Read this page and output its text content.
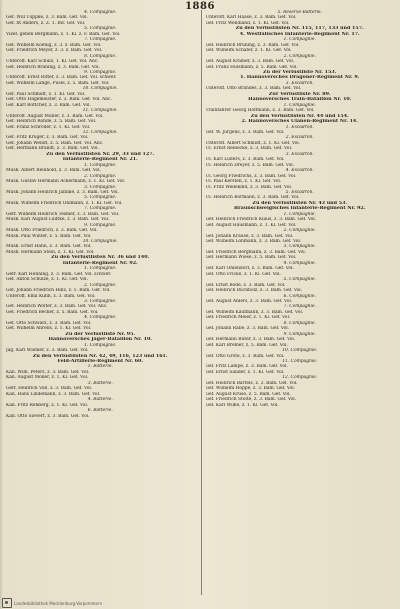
1886
4. Compagnie.
Gef. Will Tuppke, z. 3. Bam. Gef. Vol.
Gef. ht Anders, z. Z. 1. Inv. Gef. Vol.
5. Compagnie.
Vizef. geben Bergmann, z. 1. Kl. z. F. Bam. Gef. Vol.
7. Compagnie.
Gef. Wilhelm Koenig, z. 3. z. Bam. Gef. Vol.
Gef. Friedrich Meyer, z. 3. z. Bam. Gef. Vol.
8. Compagnie.
Unteroff. Karl Schulz, 1. Kl. Gef. Vol. Anc.
Gef. Heinrich Bräning, z. 3. Bam. Gef. Vol.
9. Compagnie.
Unteroff. Ernst Ritter, z. 3. Bam. Gef. Vol. schwer.
Gef. Wilhelm Lange, Pusel, z. 5. Bam. Gef. Vol.
10. Compagnie.
Gef. Paul Schmidt, z. 1. Kl. Gef. Vol.
Gef. Otto Hagemeister, z. 3. Bam. Gef. Vol. Anc.
Gef. Karl Böttcher, z. 3. Bam. Gef. Vol.
11. Compagnie.
Unteroff. August Müller, z. 3. Bam. Gef. Vol.
Gef. Heinrich Rohde, z. 5. Bam. Gef. Vol.
Gef. Franz Schröder, z. 1. Kl. Gef. Vol.
12. Compagnie.
Gef. Fritz Krüger, z. 3. Bam. Gef. Vol.
Gef. Johann Wendt, z. 5. Bam. Gef. Vol. Anc.
Gef. Hermann Brandt, z. 3. Bam. Gef. Vol.
Zu den Verlustlisten Nr. 29, 33 und 127.
Infanterie-Regiment Nr. 21.
1. Compagnie.
Musk. Albert Reinhold, z. 3. Bam. Gef. Vol.
2. Compagnie.
Musk. Gustav Hermann Ackermann, z. 1. Kl. Gef. Vol.
3. Compagnie.
Musk. Johann Heinrich Jahnke, z. 3. Bam. Gef. Vol.
5. Compagnie.
Musk. Wilhelm Friedrich Ohlmann, z. 1. Kl. Gef. Vol.
7. Compagnie.
Gefr. Wilhelm Heinrich Tesmer, z. 3. Bam. Gef. Vol.
Musk. Karl August Lüdtke, z. 3. Bam. Gef. Vol.
9. Compagnie.
Musk. Otto Friedrich, z. 3. Bam. Gef. Vol.
Musk. Paul Winter, z. 5. Bam. Gef. Vol.
10. Compagnie.
Musk. Ernst Hahn, z. 3. Bam. Gef. Vol.
Musk. Hermann Stein, z. 1. Kl. Gef. Vol.
Zu den Verlustlisten Nr. 36 und 140.
Infanterie-Regiment Nr. 92.
1. Compagnie.
Gefr. Karl Henning, z. 3. Bam. Gef. Vol. schwer.
Gef. Anton Schulze, z. 1. Kl. Gef. Vol.
2. Compagnie.
Gef. Johann Friedrich Hinz, z. 1. Bam. Gef. Vol.
Unteroff. Emil Kühn, z. 3. Bam. Gef. Vol.
3. Compagnie.
Gef. Heinrich Wolter, z. 3. Bam. Gef. Vol. Anc.
Gef. Friedrich Becker, z. 5. Bam. Gef. Vol.
4. Compagnie.
Gef. Otto Schwarz, z. 3. Bam. Gef. Vol.
Gef. Wilhelm Ahrens, z. 1. Kl. Gef. Vol.
Zu der Verlustliste Nr. 95.
Hannoversches Jäger-Bataillon Nr. 10.
1. Compagnie.
Jäg. Karl Wiemer, z. 3. Bam. Gef. Vol.
Zu den Verlustlisten Nr. 42, 49, 116, 123 und 161.
Feld-Artillerie-Regiment Nr. 60.
1. Batterie.
Kan. Wilh. Peters, z. 3. Bam. Gef. Vol.
Kan. August Möller, z. 1. Kl. Gef. Vol.
3. Batterie.
Gefr. Heinrich Voß, z. 3. Bam. Gef. Vol.
Kan. Hans Lindemann, z. 3. Bam. Gef. Vol.
4. Batterie.
Kan. Fritz Rehberg, z. 1. Kl. Gef. Vol.
6. Batterie.
Kan. Otto Sievert, z. 3. Bam. Gef. Vol.
5. Reserve-Batterie.
Unteroff. Karl Haase, z. 3. Bam. Gef. Vol.
Gef. Fritz Wendland, z. 1. Kl. Gef. Vol.
Zu den Verlustlisten Nr. 115, 117, 133 und 157.
4. Westfälisches Infanterie-Regiment Nr. 17.
1. Compagnie.
Gef. Heinrich Brüning, z. 3. Bam. Gef. Vol.
Gef. Wilhelm Schäfer, z. 1. Kl. Gef. Vol.
2. Compagnie.
Gef. August Krämer, z. 3. Bam. Gef. Vol.
Gef. Franz Hülsmann, z. 5. Bam. Gef. Vol.
Zu der Verlustliste Nr. 153.
1. Hannoversches Dragoner-Regiment Nr. 9.
3. Escadron.
Unteroff. Otto Brandes, z. 3. Bam. Gef. Vol.
Zur Verlustliste Nr. 89.
Hannoversches Train-Bataillon Nr. 10.
1. Compagnie.
Trainfahrer Georg Hoffmann, z. 3. Bam. Gef. Vol.
Zu den Verlustlisten Nr. 44 und 154.
2. Hannoversches Ulanen-Regiment Nr. 14.
1. Escadron.
Gef. W. Jürgens, z. 3. Bam. Gef. Vol.
2. Escadron.
Unteroff. Albert Schmidt, z. 1. Kl. Gef. Vol.
Ul. Ernst Reinecke, z. 3. Bam. Gef. Vol.
3. Escadron.
Ul. Karl Lüders, z. 3. Bam. Gef. Vol.
Ul. Heinrich Dreyer, z. 5. Bam. Gef. Vol.
4. Escadron.
Ul. Georg Friedrichs, z. 3. Bam. Gef. Vol.
Ul. Paul Kersten, z. 1. Kl. Gef. Vol.
Ul. Fritz Wedekind, z. 3. Bam. Gef. Vol.
5. Escadron.
Ul. Heinrich Bormann, z. 3. Bam. Gef. Vol.
Zu den Verlustlisten Nr. 43 und 53.
Braunschweigisches Infanterie-Regiment Nr. 92.
1. Compagnie.
Gef. Heinrich Friedrich Klaus, z. 3. Bam. Gef. Vol.
Gef. August Hausmann, z. 1. Kl. Gef. Vol.
2. Compagnie.
Gef. Johann Krause, z. 3. Bam. Gef. Vol.
Gef. Wilhelm Lohmann, z. 3. Bam. Gef. Vol.
3. Compagnie.
Gef. Friedrich Bergmann, z. 3. Bam. Gef. Vol.
Gef. Hermann Wiese, z. 5. Bam. Gef. Vol.
4. Compagnie.
Gef. Karl Ohlendorf, z. 3. Bam. Gef. Vol.
Gef. Otto Fricke, z. 1. Kl. Gef. Vol.
5. Compagnie.
Gef. Ernst Bode, z. 3. Bam. Gef. Vol.
Gef. Heinrich Buchholz, z. 3. Bam. Gef. Vol.
6. Compagnie.
Gef. August Ahlers, z. 3. Bam. Gef. Vol.
7. Compagnie.
Gef. Wilhelm Kaufmann, z. 3. Bam. Gef. Vol.
Gef. Friedrich Meier, z. 1. Kl. Gef. Vol.
8. Compagnie.
Gef. Johann Rabe, z. 3. Bam. Gef. Vol.
9. Compagnie.
Gef. Hermann Rüter, z. 3. Bam. Gef. Vol.
Gef. Karl Bremer, z. 5. Bam. Gef. Vol.
10. Compagnie.
Gef. Otto Grote, z. 3. Bam. Gef. Vol.
11. Compagnie.
Gef. Fritz Lampe, z. 3. Bam. Gef. Vol.
Gef. Ernst Sander, z. 1. Kl. Gef. Vol.
12. Compagnie.
Gef. Heinrich Bartels, z. 3. Bam. Gef. Vol.
Gef. Wilhelm Hoppe, z. 3. Bam. Gef. Vol.
Gef. August Kruse, z. 5. Bam. Gef. Vol.
Gef. Friedrich Stolte, z. 3. Bam. Gef. Vol.
Gef. Karl Wilke, z. 1. Kl. Gef. Vol.
Landesbibliothek Mecklenburg-Vorpommern
